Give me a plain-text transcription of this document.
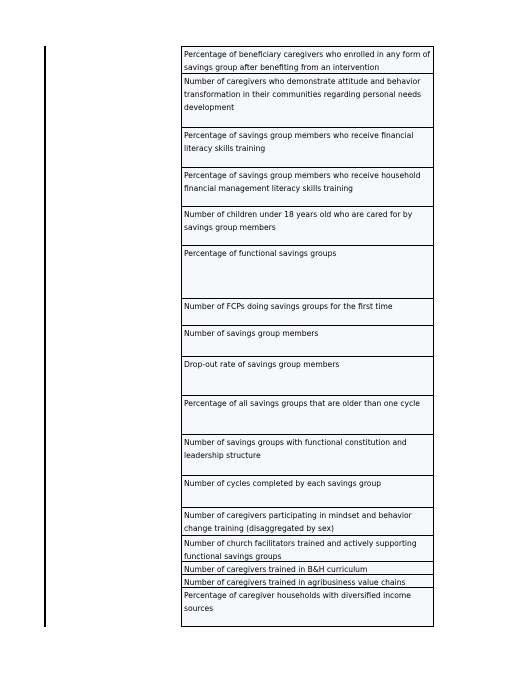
Percentage of beneficiary caregivers who enrolled in any form of savings group after benefiting from an intervention
Number of caregivers who demonstrate attitude and behavior transformation in their communities regarding personal needs development
Percentage of savings group members who receive financial literacy skills training
Percentage of savings group members who receive household financial management literacy skills training
Number of children under 18 years old who are cared for by savings group members
Percentage of functional savings groups
Number of FCPs doing savings groups for the first time
Number of savings group members
Drop-out rate of savings group members
Percentage of all savings groups that are older than one cycle
Number of savings groups with functional constitution and leadership structure
Number of cycles completed by each savings group
Number of caregivers participating in mindset and behavior change training (disaggregated by sex)
Number of church facilitators trained and actively supporting functional savings groups
Number of caregivers trained in B&H curriculum
Number of caregivers trained in agribusiness value chains
Percentage of caregiver households with diversified income sources
